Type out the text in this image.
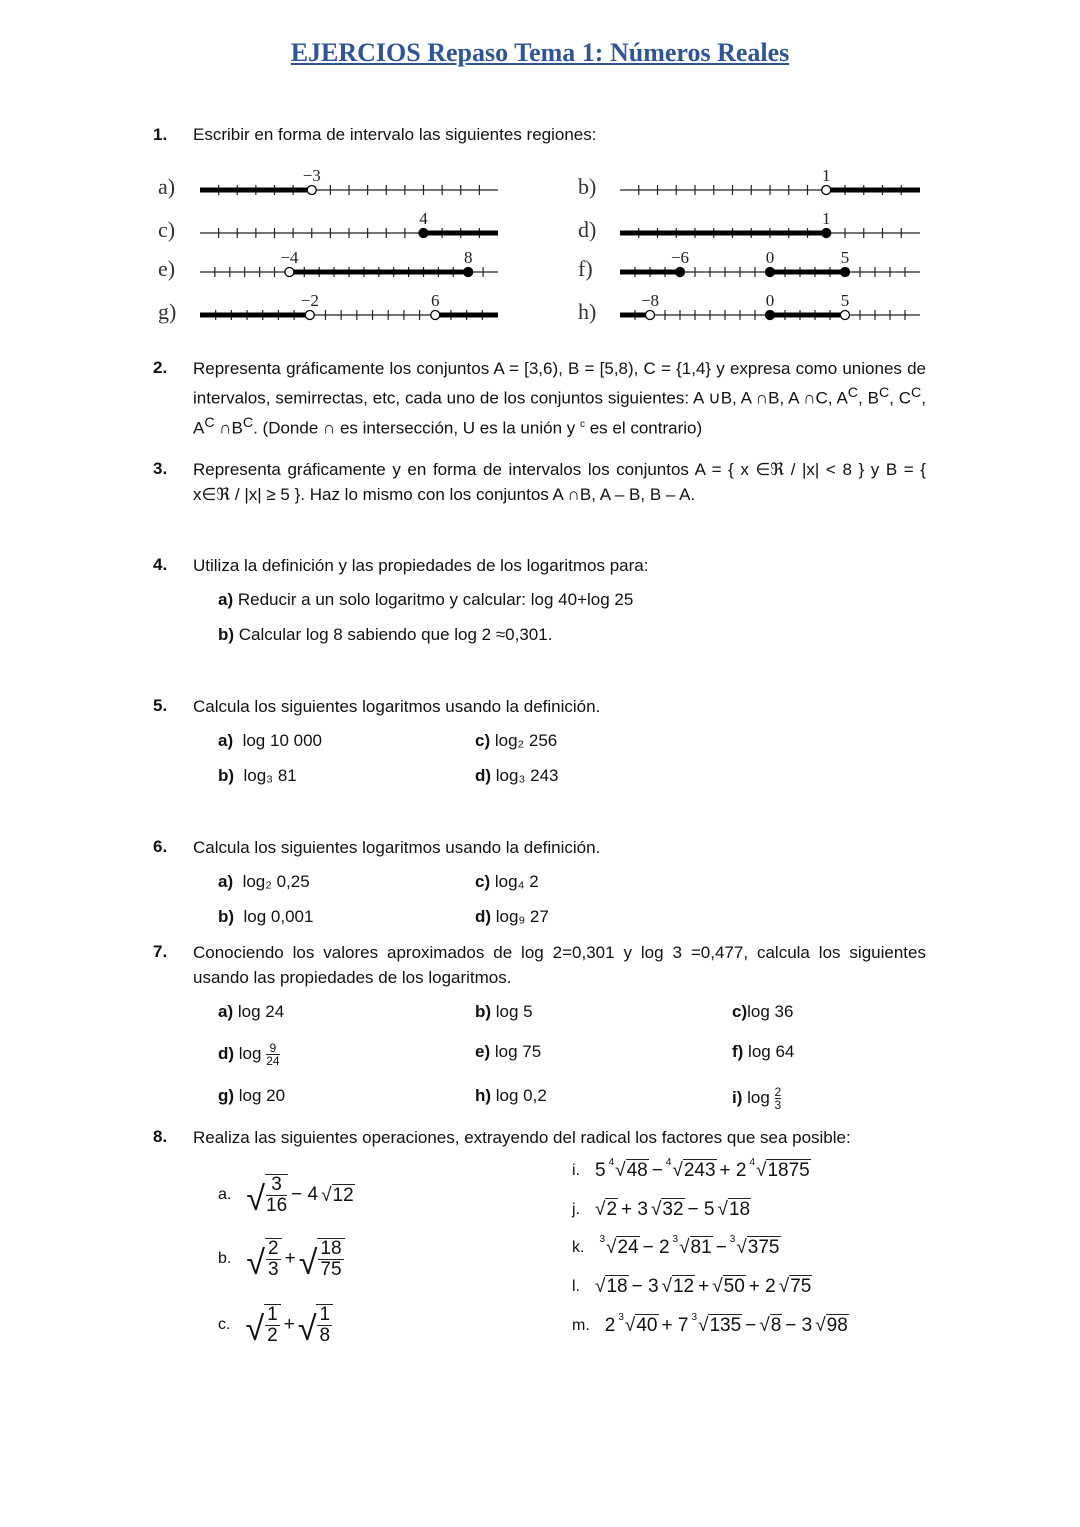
EJERCIOS Repaso Tema 1: Números Reales
1. Escribir en forma de intervalo las siguientes regiones:
a)	−3	b)	1
c)	4	d)	1
e)	−4	8	f)	−6	0	5
g)	−2	6	h)	−8	0	5
2. Representa gráficamente los conjuntos A = [3,6), B = [5,8), C = {1,4} y expresa como uniones de intervalos, semirrectas, etc, cada uno de los conjuntos siguientes: A ∪B, A ∩B, A ∩C, $A^C$, $B^C$, $C^C$, $A^C$ $\cap B^C$. (Donde ∩ es intersección, U es la unión y $^c$ es el contrario)
3. Representa gráficamente y en forma de intervalos los conjuntos A = { x ∈ℜ / |x| < 8 } y B = { x∈ℜ / |x| ≥ 5 }. Haz lo mismo con los conjuntos A ∩B, A – B, B – A.
4. Utiliza la definición y las propiedades de los logaritmos para:
a) Reducir a un solo logaritmo y calcular: log 40+log 25
b) Calcular log 8 sabiendo que log 2 ≈0,301.
5. Calcula los siguientes logaritmos usando la definición.
a) log 10 000	c) log₂ 256
b) log₃ 81	d) log₃ 243
6. Calcula los siguientes logaritmos usando la definición.
a) log₂ 0,25	c) log₄ 2
b) log 0,001	d) log₉ 27
7. Conociendo los valores aproximados de log 2=0,301 y log 3 =0,477, calcula los siguientes usando las propiedades de los logaritmos.
a) log 24	b) log 5	c)log 36
d) $\log \frac{9}{24}$	e) log 75	f) log 64
g) log 20	h) log 0,2	i) $\log \frac{2}{3}$
8. Realiza las siguientes operaciones, extrayendo del radical los factores que sea posible:
a. √ $\frac{3}{16} - 4$ √ 12
b. √ $\frac{2}{3}$ + √ $\frac{18}{75}$
c. √ $\frac{1}{2}$ + √ $\frac{1}{8}$
i. 5 4 √ 48 − 4 √ 243 + 2 4 √ 1875
j. √ 2 + 3 √ 32 − 5 √ 18
k. 3 √ 24 − 2 3 √ 81 − 3 √ 375
l. √ 18 − 3 √ 12 + √ 50 + 2 √ 75
m. 2 3 √ 40 + 7 3 √ 135 − √ 8 − 3 √ 98
